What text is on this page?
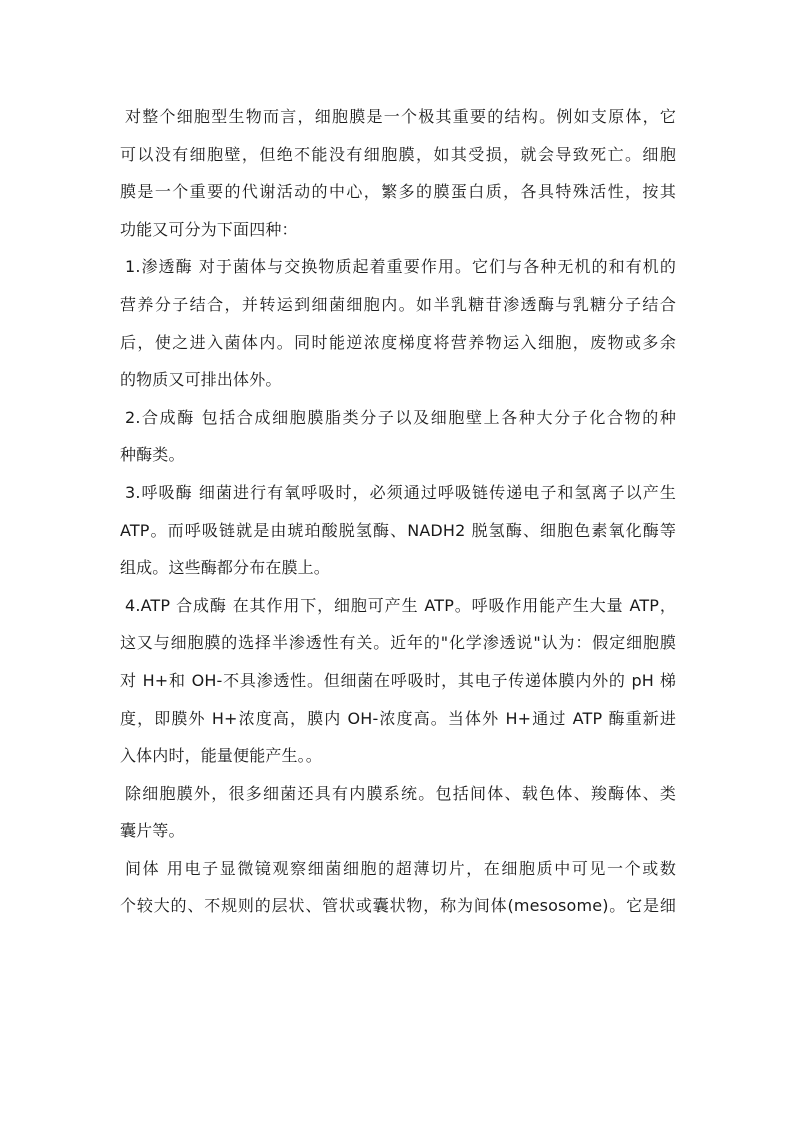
对整个细胞型生物而言，细胞膜是一个极其重要的结构。例如支原体，它
可以没有细胞壁，但绝不能没有细胞膜，如其受损，就会导致死亡。细胞
膜是一个重要的代谢活动的中心，繁多的膜蛋白质，各具特殊活性，按其
功能又可分为下面四种：
1.渗透酶 对于菌体与交换物质起着重要作用。它们与各种无机的和有机的
营养分子结合，并转运到细菌细胞内。如半乳糖苷渗透酶与乳糖分子结合
后，使之进入菌体内。同时能逆浓度梯度将营养物运入细胞，废物或多余
的物质又可排出体外。
2.合成酶 包括合成细胞膜脂类分子以及细胞壁上各种大分子化合物的种
种酶类。
3.呼吸酶 细菌进行有氧呼吸时，必须通过呼吸链传递电子和氢离子以产生
ATP。而呼吸链就是由琥珀酸脱氢酶、NADH2 脱氢酶、细胞色素氧化酶等
组成。这些酶都分布在膜上。
4.ATP 合成酶 在其作用下，细胞可产生 ATP。呼吸作用能产生大量 ATP，
这又与细胞膜的选择半渗透性有关。近年的"化学渗透说"认为：假定细胞膜
对 H+和 OH-不具渗透性。但细菌在呼吸时，其电子传递体膜内外的 pH 梯
度，即膜外 H+浓度高，膜内 OH-浓度高。当体外 H+通过 ATP 酶重新进
入体内时，能量便能产生。。
除细胞膜外，很多细菌还具有内膜系统。包括间体、载色体、羧酶体、类
囊片等。
间体 用电子显微镜观察细菌细胞的超薄切片，在细胞质中可见一个或数
个较大的、不规则的层状、管状或囊状物，称为间体(mesosome)。它是细
